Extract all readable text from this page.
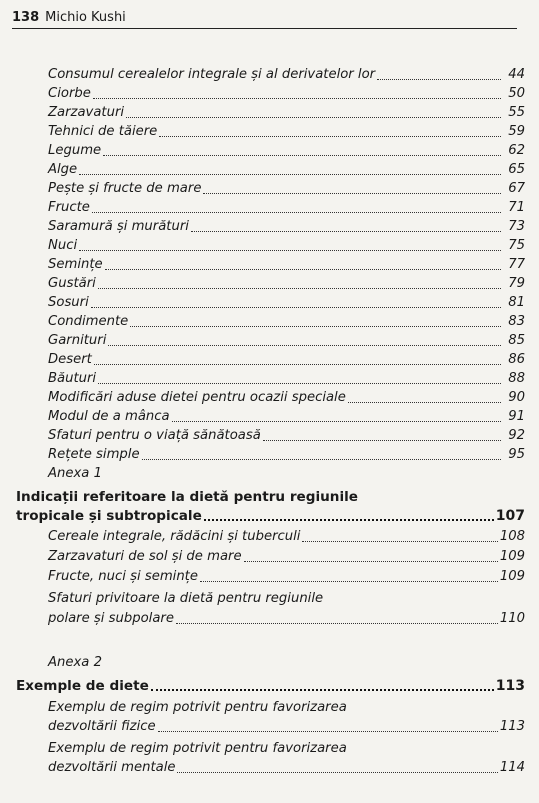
138 Michio Kushi
Consumul cerealelor integrale și al derivatelor lor	44
Ciorbe	50
Zarzavaturi	55
Tehnici de tăiere	59
Legume	62
Alge	65
Pește și fructe de mare	67
Fructe	71
Saramură și murături	73
Nuci	75
Semințe	77
Gustări	79
Sosuri	81
Condimente	83
Garnituri	85
Desert	86
Băuturi	88
Modificări aduse dietei pentru ocazii speciale	90
Modul de a mânca	91
Sfaturi pentru o viață sănătoasă	92
Rețete simple	95
Anexa 1
Indicații referitoare la dietă pentru regiunile
tropicale și subtropicale	107
Cereale integrale, rădăcini și tuberculi	108
Zarzavaturi de sol și de mare	109
Fructe, nuci și semințe	109
Sfaturi privitoare la dietă pentru regiunile
polare și subpolare	110
Anexa 2
Exemple de diete	113
Exemplu de regim potrivit pentru favorizarea
dezvoltării fizice	113
Exemplu de regim potrivit pentru favorizarea
dezvoltării mentale	114
